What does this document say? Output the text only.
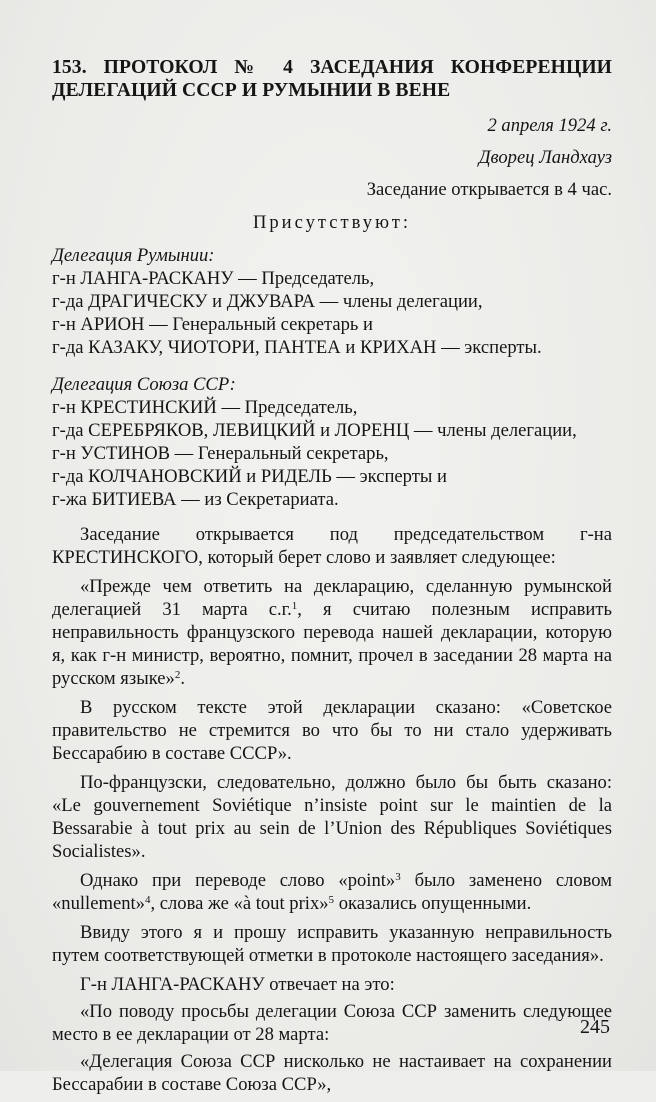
153. ПРОТОКОЛ № 4 ЗАСЕДАНИЯ КОНФЕРЕНЦИИ ДЕЛЕГАЦИЙ СССР И РУМЫНИИ В ВЕНЕ

2 апреля 1924 г.

Дворец Ландхауз

Заседание открывается в 4 час.

Присутствуют:

Делегация Румынии:

г-н ЛАНГА-РАСКАНУ — Председатель,

г-да ДРАГИЧЕСКУ и ДЖУВАРА — члены делегации,

г-н АРИОН — Генеральный секретарь и

г-да КАЗАКУ, ЧИОТОРИ, ПАНТЕА и КРИХАН — эксперты.

Делегация Союза ССР:

г-н КРЕСТИНСКИЙ — Председатель,

г-да СЕРЕБРЯКОВ, ЛЕВИЦКИЙ и ЛОРЕНЦ — члены делегации,

г-н УСТИНОВ — Генеральный секретарь,

г-да КОЛЧАНОВСКИЙ и РИДЕЛЬ — эксперты и

г-жа БИТИЕВА — из Секретариата.

Заседание открывается под председательством г-на КРЕСТИНСКОГО, который берет слово и заявляет следующее:

«Прежде чем ответить на декларацию, сделанную румынской делегацией 31 марта с.г.$^1$, я считаю полезным исправить неправильность французского перевода нашей декларации, которую я, как г-н министр, вероятно, помнит, прочел в заседании 28 марта на русском языке»$^2$.

В русском тексте этой декларации сказано: «Советское правительство не стремится во что бы то ни стало удерживать Бессарабию в составе СССР».

По-французски, следовательно, должно было бы быть сказано: «Le gouvernement Soviétique n’insiste point sur le maintien de la Bessarabie à tout prix au sein de l’Union des Républiques Soviétiques Socialistes».

Однако при переводе слово «point»$^3$ было заменено словом «nullement»$^4$, слова же «à tout prix»$^5$ оказались опущенными.

Ввиду этого я и прошу исправить указанную неправильность путем соответствующей отметки в протоколе настоящего заседания».

Г-н ЛАНГА-РАСКАНУ отвечает на это:

«По поводу просьбы делегации Союза ССР заменить следующее место в ее декларации от 28 марта:

«Делегация Союза ССР нисколько не настаивает на сохранении Бессарабии в составе Союза ССР»,

245
